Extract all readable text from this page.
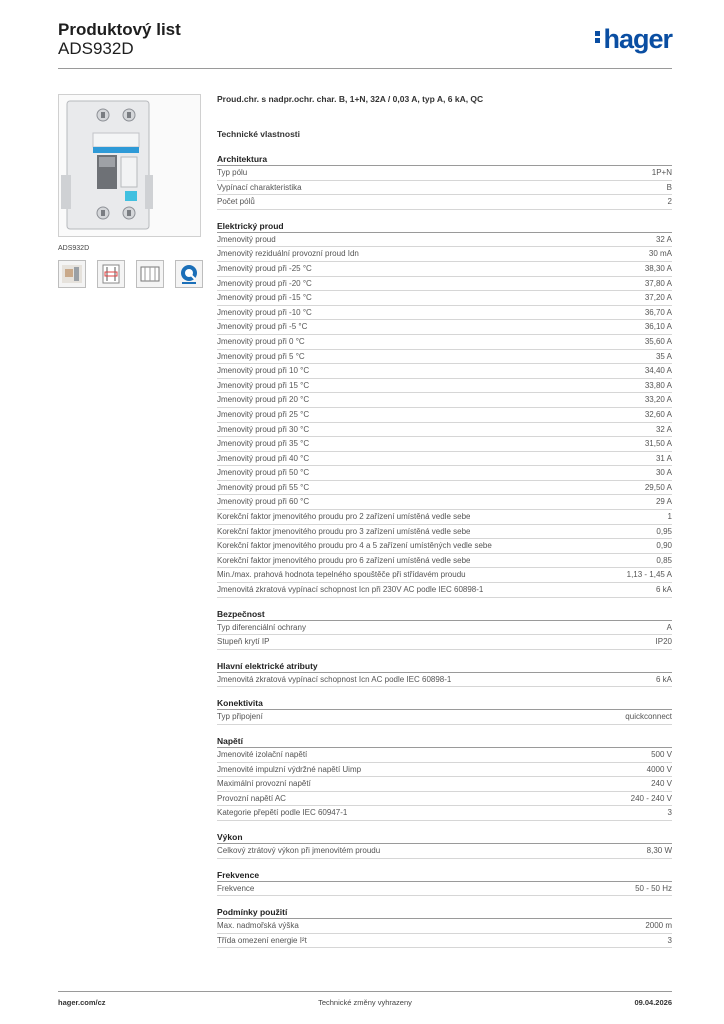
Produktový list
ADS932D	hager
ADS932D
Proud.chr. s nadpr.ochr. char. B, 1+N, 32A / 0,03 A, typ A, 6 kA, QC
Technické vlastnosti
Architektura
Typ pólu	1P+N
Vypínací charakteristika	B
Počet pólů	2
Elektrický proud
Jmenovitý proud	32 A
Jmenovitý reziduální provozní proud Idn	30 mA
Jmenovitý proud při -25 °C	38,30 A
Jmenovitý proud při -20 °C	37,80 A
Jmenovitý proud při -15 °C	37,20 A
Jmenovitý proud při -10 °C	36,70 A
Jmenovitý proud při -5 °C	36,10 A
Jmenovitý proud při 0 °C	35,60 A
Jmenovitý proud při 5 °C	35 A
Jmenovitý proud při 10 °C	34,40 A
Jmenovitý proud při 15 °C	33,80 A
Jmenovitý proud při 20 °C	33,20 A
Jmenovitý proud při 25 °C	32,60 A
Jmenovitý proud při 30 °C	32 A
Jmenovitý proud při 35 °C	31,50 A
Jmenovitý proud při 40 °C	31 A
Jmenovitý proud při 50 °C	30 A
Jmenovitý proud při 55 °C	29,50 A
Jmenovitý proud při 60 °C	29 A
Korekční faktor jmenovitého proudu pro 2 zařízení umístěná vedle sebe	1
Korekční faktor jmenovitého proudu pro 3 zařízení umístěná vedle sebe	0,95
Korekční faktor jmenovitého proudu pro 4 a 5 zařízení umístěných vedle sebe	0,90
Korekční faktor jmenovitého proudu pro 6 zařízení umístěná vedle sebe	0,85
Min./max. prahová hodnota tepelného spouštěče při střídavém proudu	1,13 - 1,45 A
Jmenovitá zkratová vypínací schopnost Icn při 230V AC podle IEC 60898-1	6 kA
Bezpečnost
Typ diferenciální ochrany	A
Stupeň krytí IP	IP20
Hlavní elektrické atributy
Jmenovitá zkratová vypínací schopnost Icn AC podle IEC 60898-1	6 kA
Konektivita
Typ připojení	quickconnect
Napětí
Jmenovité izolační napětí	500 V
Jmenovité impulzní výdržné napětí Uimp	4000 V
Maximální provozní napětí	240 V
Provozní napětí AC	240 - 240 V
Kategorie přepětí podle IEC 60947-1	3
Výkon
Celkový ztrátový výkon při jmenovitém proudu	8,30 W
Frekvence
Frekvence	50 - 50 Hz
Podmínky použití
Max. nadmořská výška	2000 m
Třída omezení energie I²t	3
hager.com/cz	Technické změny vyhrazeny	09.04.2026
